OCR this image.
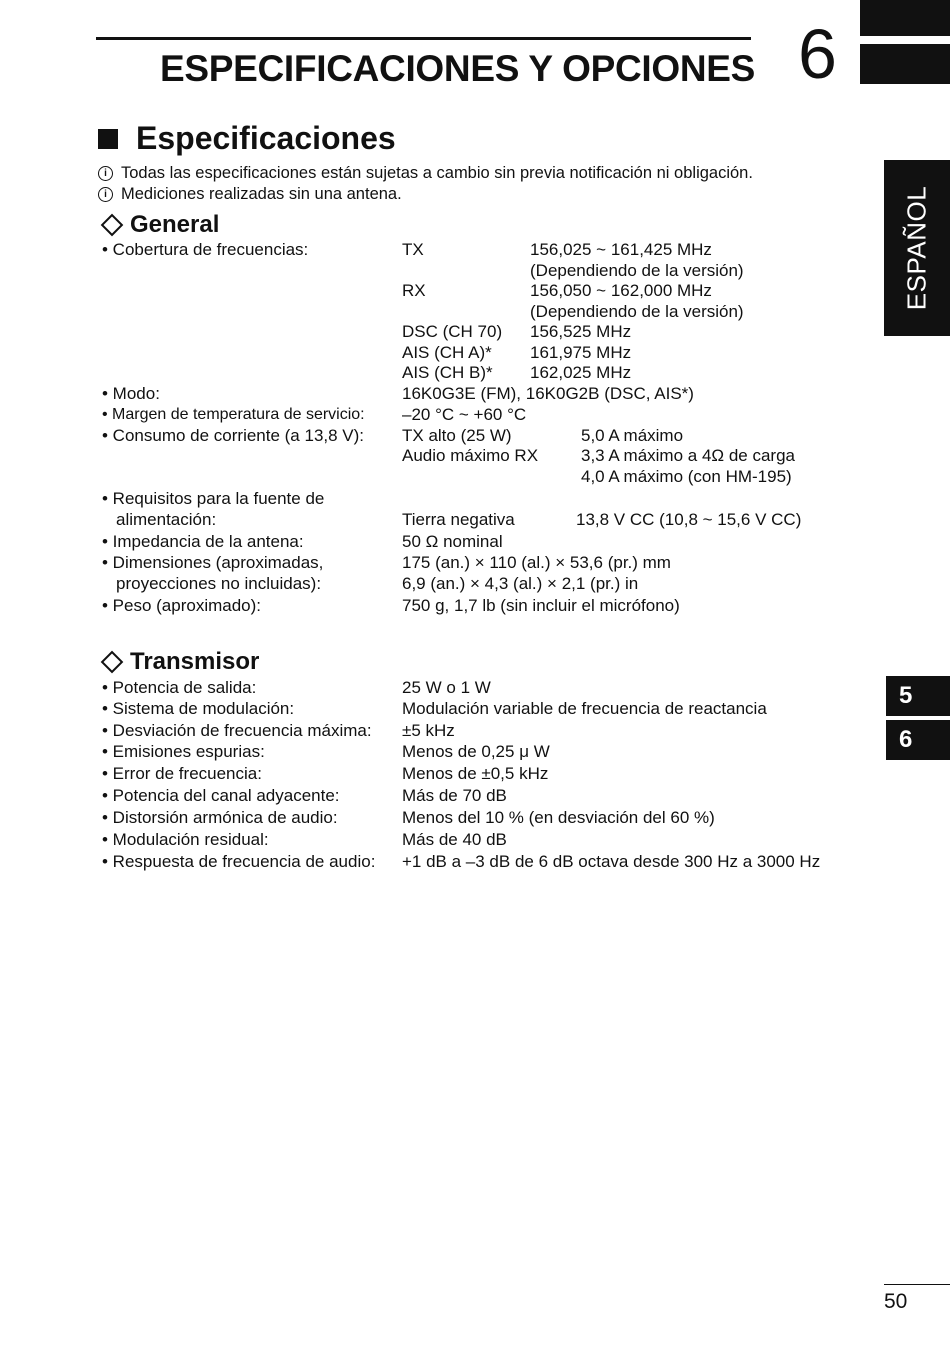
ESPECIFICACIONES Y OPCIONES 6
ESPAÑOL
5
6
Especificaciones
i Todas las especificaciones están sujetas a cambio sin previa notificación ni obligación.
i Mediciones realizadas sin una antena.
General
• Cobertura de frecuencias:	TX	156,025 ~ 161,425 MHz
(Dependiendo de la versión)
RX	156,050 ~ 162,000 MHz
(Dependiendo de la versión)
DSC (CH 70) 156,525 MHz
AIS (CH A)* 161,975 MHz
AIS (CH B)* 162,025 MHz
• Modo:	16K0G3E (FM), 16K0G2B (DSC, AIS*)
• Margen de temperatura de servicio: –20 °C ~ +60 °C
• Consumo de corriente (a 13,8 V): TX alto (25 W)	5,0 A máximo
Audio máximo RX	3,3 A máximo a 4Ω de carga
4,0 A máximo (con HM-195)
• Requisitos para la fuente de
alimentación:	Tierra negativa	13,8 V CC (10,8 ~ 15,6 V CC)
• Impedancia de la antena:	50 Ω nominal
• Dimensiones (aproximadas,	175 (an.) × 110 (al.) × 53,6 (pr.) mm
proyecciones no incluidas):	6,9 (an.) × 4,3 (al.) × 2,1 (pr.) in
• Peso (aproximado):	750 g, 1,7 lb (sin incluir el micrófono)
Transmisor
• Potencia de salida:	25 W o 1 W
• Sistema de modulación:	Modulación variable de frecuencia de reactancia
• Desviación de frecuencia máxima: ±5 kHz
• Emisiones espurias:	Menos de 0,25 μ W
• Error de frecuencia:	Menos de ±0,5 kHz
• Potencia del canal adyacente:	Más de 70 dB
• Distorsión armónica de audio:	Menos del 10 % (en desviación del 60 %)
• Modulación residual:	Más de 40 dB
• Respuesta de frecuencia de audio: +1 dB a –3 dB de 6 dB octava desde 300 Hz a 3000 Hz
50
